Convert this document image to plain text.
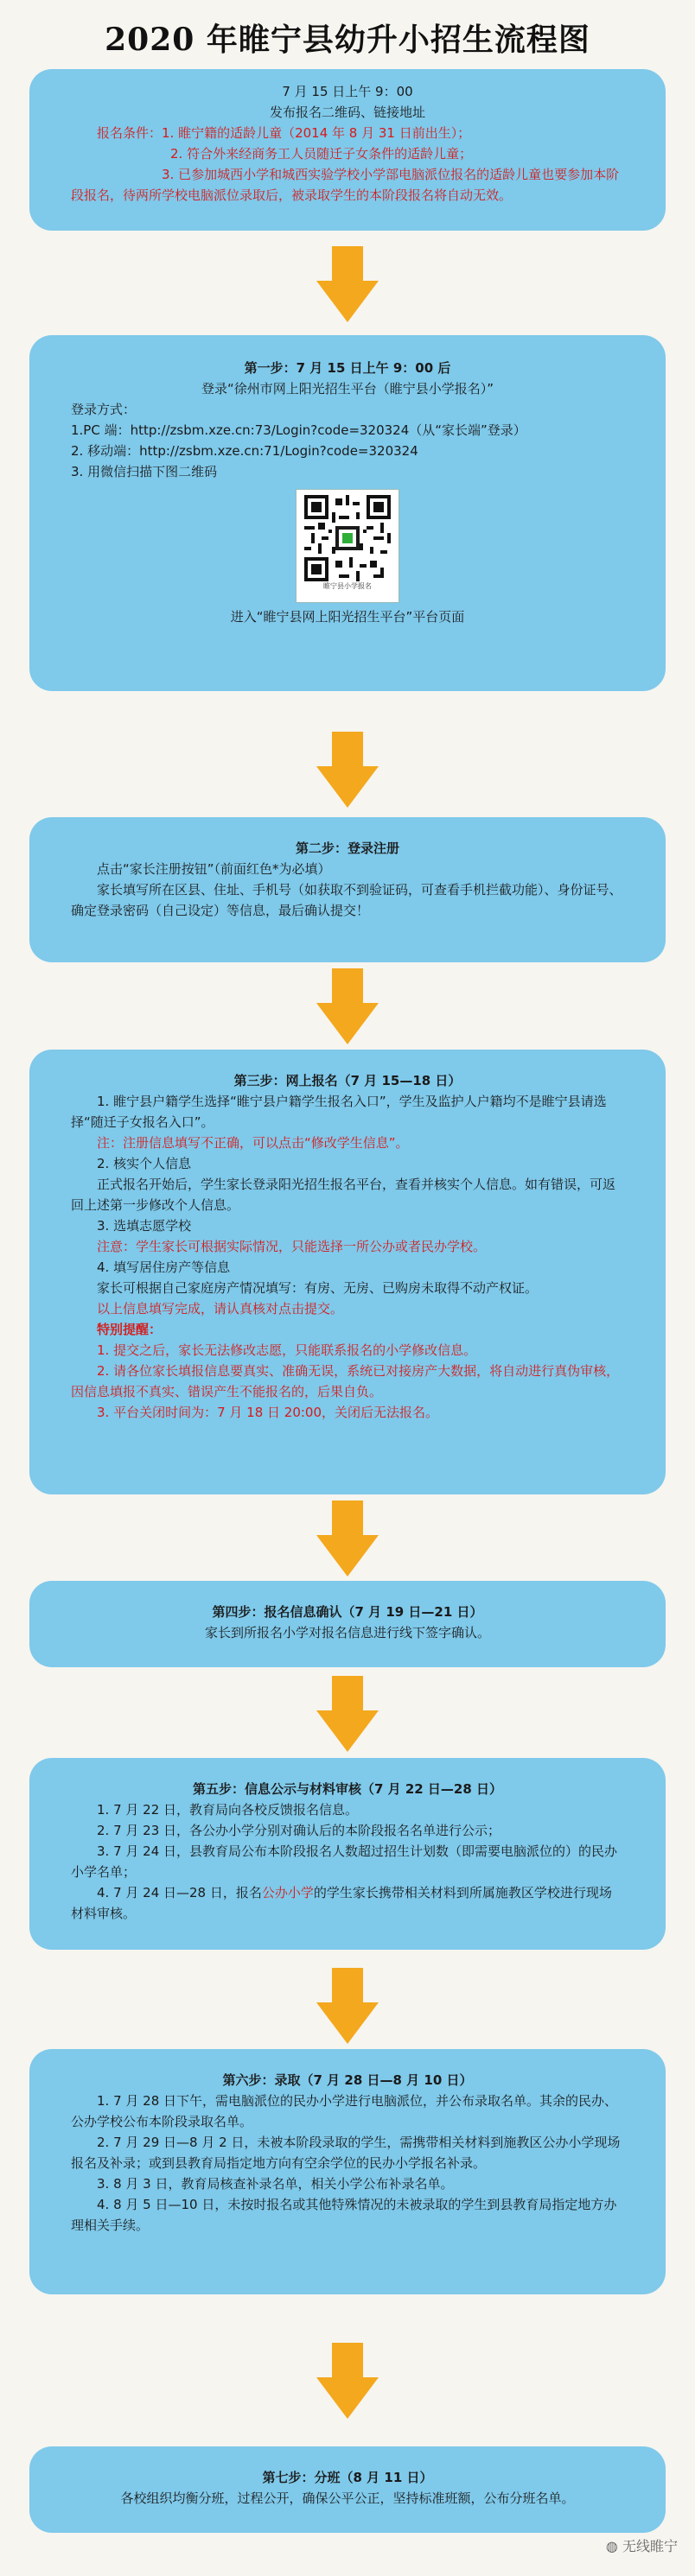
2020 年睢宁县幼升小招生流程图

7 月 15 日上午 9：00

发布报名二维码、链接地址

报名条件：1. 睢宁籍的适龄儿童（2014 年 8 月 31 日前出生）；

2. 符合外来经商务工人员随迁子女条件的适龄儿童；

3. 已参加城西小学和城西实验学校小学部电脑派位报名的适龄儿童也要参加本阶段报名，待两所学校电脑派位录取后，被录取学生的本阶段报名将自动无效。

第一步：7 月 15 日上午 9：00 后

登录“徐州市网上阳光招生平台（睢宁县小学报名）”

登录方式：

1.PC 端：http://zsbm.xze.cn:73/Login?code=320324（从“家长端”登录）

2. 移动端：http://zsbm.xze.cn:71/Login?code=320324

3. 用微信扫描下图二维码

睢宁县小学报名

进入“睢宁县网上阳光招生平台”平台页面

第二步：登录注册

点击“家长注册按钮”（前面红色*为必填）

家长填写所在区县、住址、手机号（如获取不到验证码，可查看手机拦截功能）、身份证号、确定登录密码（自己设定）等信息，最后确认提交！

第三步：网上报名（7 月 15—18 日）

1. 睢宁县户籍学生选择“睢宁县户籍学生报名入口”，学生及监护人户籍均不是睢宁县请选择“随迁子女报名入口”。

注：注册信息填写不正确，可以点击“修改学生信息”。

2. 核实个人信息

正式报名开始后，学生家长登录阳光招生报名平台，查看并核实个人信息。如有错误，可返回上述第一步修改个人信息。

3. 选填志愿学校

注意：学生家长可根据实际情况，只能选择一所公办或者民办学校。

4. 填写居住房产等信息

家长可根据自己家庭房产情况填写：有房、无房、已购房未取得不动产权证。

以上信息填写完成，请认真核对点击提交。

特别提醒：

1. 提交之后，家长无法修改志愿，只能联系报名的小学修改信息。

2. 请各位家长填报信息要真实、准确无误，系统已对接房产大数据，将自动进行真伪审核，因信息填报不真实、错误产生不能报名的，后果自负。

3. 平台关闭时间为：7 月 18 日 20:00，关闭后无法报名。

第四步：报名信息确认（7 月 19 日—21 日）

家长到所报名小学对报名信息进行线下签字确认。

第五步：信息公示与材料审核（7 月 22 日—28 日）

1. 7 月 22 日，教育局向各校反馈报名信息。

2. 7 月 23 日，各公办小学分别对确认后的本阶段报名名单进行公示；

3. 7 月 24 日，县教育局公布本阶段报名人数超过招生计划数（即需要电脑派位的）的民办小学名单；

4. 7 月 24 日—28 日，报名公办小学的学生家长携带相关材料到所属施教区学校进行现场材料审核。

第六步：录取（7 月 28 日—8 月 10 日）

1. 7 月 28 日下午，需电脑派位的民办小学进行电脑派位，并公布录取名单。其余的民办、公办学校公布本阶段录取名单。

2. 7 月 29 日—8 月 2 日，未被本阶段录取的学生，需携带相关材料到施教区公办小学现场报名及补录；或到县教育局指定地方向有空余学位的民办小学报名补录。

3. 8 月 3 日，教育局核查补录名单，相关小学公布补录名单。

4. 8 月 5 日—10 日，未按时报名或其他特殊情况的未被录取的学生到县教育局指定地方办理相关手续。

第七步：分班（8 月 11 日）

各校组织均衡分班，过程公开，确保公平公正，坚持标准班额，公布分班名单。

◍ 无线睢宁
